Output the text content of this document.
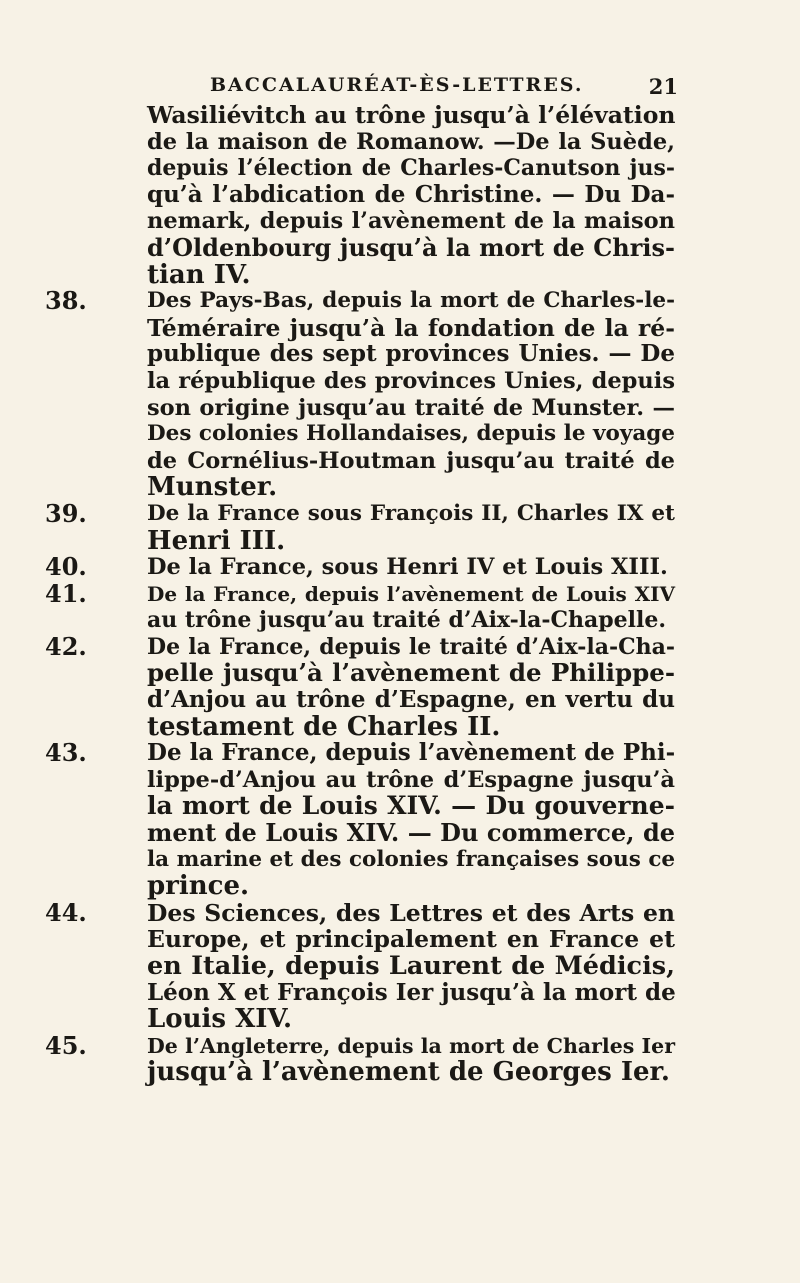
BACCALAURÉAT-ÈS-LETTRES.	21
Wasiliévitch au trône jusqu’à l’élévation
de la maison de Romanow. —De la Suède,
depuis l’élection de Charles-Canutson jus-
qu’à l’abdication de Christine. — Du Da-
nemark, depuis l’avènement de la maison
d’Oldenbourg jusqu’à la mort de Chris-
tian IV.
38.	Des Pays-Bas, depuis la mort de Charles-le-
Téméraire jusqu’à la fondation de la ré-
publique des sept provinces Unies. — De
la république des provinces Unies, depuis
son origine jusqu’au traité de Munster. —
Des colonies Hollandaises, depuis le voyage
de Cornélius-Houtman jusqu’au traité de
Munster.
39.	De la France sous François II, Charles IX et
Henri III.
40.	De la France, sous Henri IV et Louis XIII.
41.	De la France, depuis l’avènement de Louis XIV
au trône jusqu’au traité d’Aix-la-Chapelle.
42.	De la France, depuis le traité d’Aix-la-Cha-
pelle jusqu’à l’avènement de Philippe-
d’Anjou au trône d’Espagne, en vertu du
testament de Charles II.
43.	De la France, depuis l’avènement de Phi-
lippe-d’Anjou au trône d’Espagne jusqu’à
la mort de Louis XIV. — Du gouverne-
ment de Louis XIV. — Du commerce, de
la marine et des colonies françaises sous ce
prince.
44.	Des Sciences, des Lettres et des Arts en
Europe, et principalement en France et
en Italie, depuis Laurent de Médicis,
Léon X et François Ier jusqu’à la mort de
Louis XIV.
45.	De l’Angleterre, depuis la mort de Charles Ier
jusqu’à l’avènement de Georges Ier.
